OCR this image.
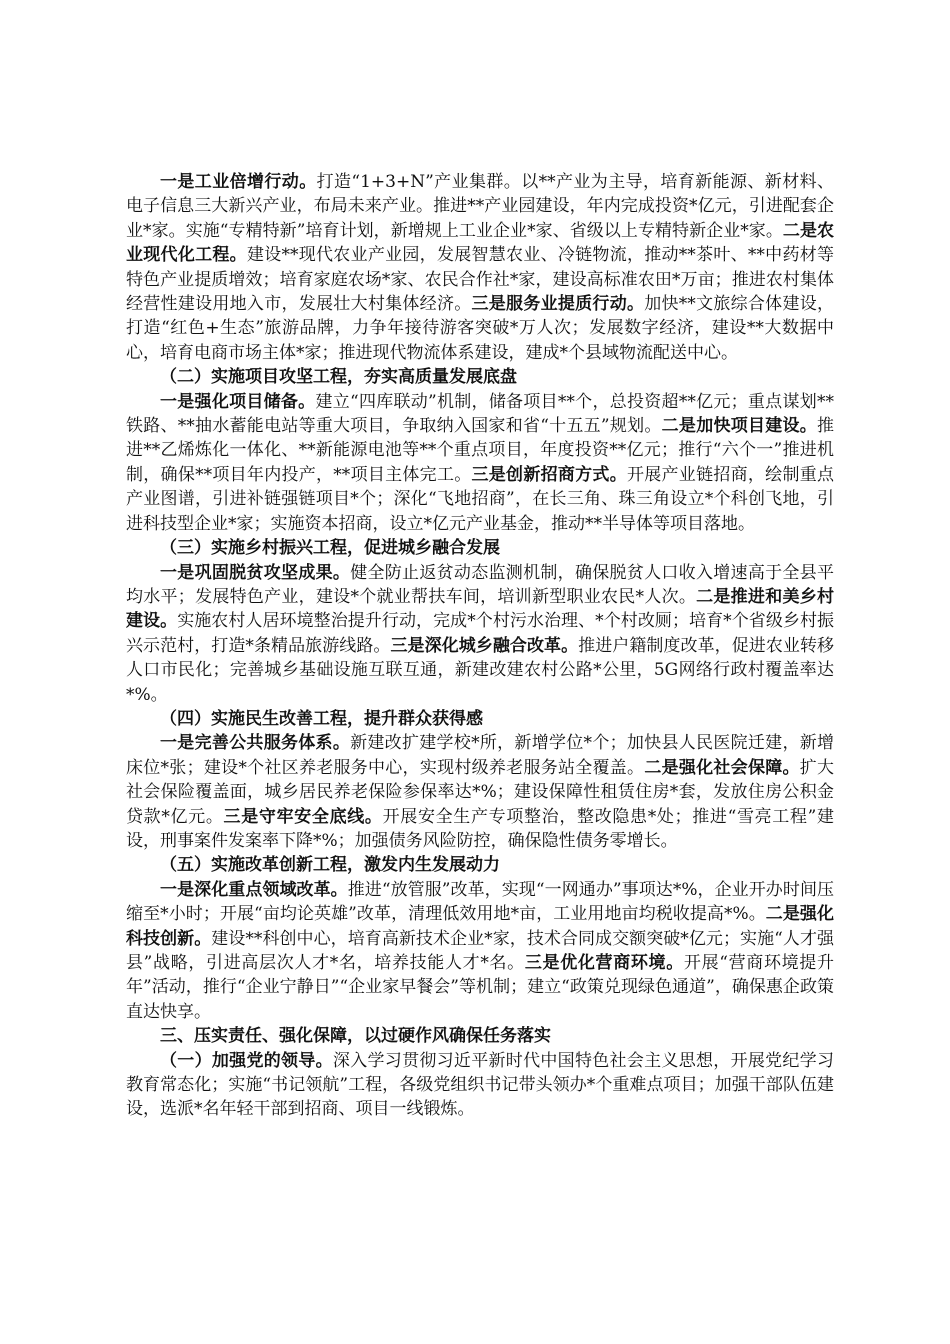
一是工业倍增行动。打造“1+3+N”产业集群。以**产业为主导，培育新能源、新材料、电子信息三大新兴产业，布局未来产业。推进**产业园建设，年内完成投资*亿元，引进配套企业*家。实施“专精特新”培育计划，新增规上工业企业*家、省级以上专精特新企业*家。二是农业现代化工程。建设**现代农业产业园，发展智慧农业、冷链物流，推动**茶叶、**中药材等特色产业提质增效；培育家庭农场*家、农民合作社*家，建设高标准农田*万亩；推进农村集体经营性建设用地入市，发展壮大村集体经济。三是服务业提质行动。加快**文旅综合体建设，打造“红色+生态”旅游品牌，力争年接待游客突破*万人次；发展数字经济，建设**大数据中心，培育电商市场主体*家；推进现代物流体系建设，建成*个县域物流配送中心。

（二）实施项目攻坚工程，夯实高质量发展底盘

一是强化项目储备。建立“四库联动”机制，储备项目**个，总投资超**亿元；重点谋划**铁路、**抽水蓄能电站等重大项目，争取纳入国家和省“十五五”规划。二是加快项目建设。推进**乙烯炼化一体化、**新能源电池等**个重点项目，年度投资**亿元；推行“六个一”推进机制，确保**项目年内投产，**项目主体完工。三是创新招商方式。开展产业链招商，绘制重点产业图谱，引进补链强链项目*个；深化“飞地招商”，在长三角、珠三角设立*个科创飞地，引进科技型企业*家；实施资本招商，设立*亿元产业基金，推动**半导体等项目落地。

（三）实施乡村振兴工程，促进城乡融合发展

一是巩固脱贫攻坚成果。健全防止返贫动态监测机制，确保脱贫人口收入增速高于全县平均水平；发展特色产业，建设*个就业帮扶车间，培训新型职业农民*人次。二是推进和美乡村建设。实施农村人居环境整治提升行动，完成*个村污水治理、*个村改厕；培育*个省级乡村振兴示范村，打造*条精品旅游线路。三是深化城乡融合改革。推进户籍制度改革，促进农业转移人口市民化；完善城乡基础设施互联互通，新建改建农村公路*公里，5G网络行政村覆盖率达*%。

（四）实施民生改善工程，提升群众获得感

一是完善公共服务体系。新建改扩建学校*所，新增学位*个；加快县人民医院迁建，新增床位*张；建设*个社区养老服务中心，实现村级养老服务站全覆盖。二是强化社会保障。扩大社会保险覆盖面，城乡居民养老保险参保率达*%；建设保障性租赁住房*套，发放住房公积金贷款*亿元。三是守牢安全底线。开展安全生产专项整治，整改隐患*处；推进“雪亮工程”建设，刑事案件发案率下降*%；加强债务风险防控，确保隐性债务零增长。

（五）实施改革创新工程，激发内生发展动力

一是深化重点领域改革。推进“放管服”改革，实现“一网通办”事项达*%，企业开办时间压缩至*小时；开展“亩均论英雄”改革，清理低效用地*亩，工业用地亩均税收提高*%。二是强化科技创新。建设**科创中心，培育高新技术企业*家，技术合同成交额突破*亿元；实施“人才强县”战略，引进高层次人才*名，培养技能人才*名。三是优化营商环境。开展“营商环境提升年”活动，推行“企业宁静日”“企业家早餐会”等机制；建立“政策兑现绿色通道”，确保惠企政策直达快享。

三、压实责任、强化保障，以过硬作风确保任务落实

（一）加强党的领导。深入学习贯彻习近平新时代中国特色社会主义思想，开展党纪学习教育常态化；实施“书记领航”工程，各级党组织书记带头领办*个重难点项目；加强干部队伍建设，选派*名年轻干部到招商、项目一线锻炼。
